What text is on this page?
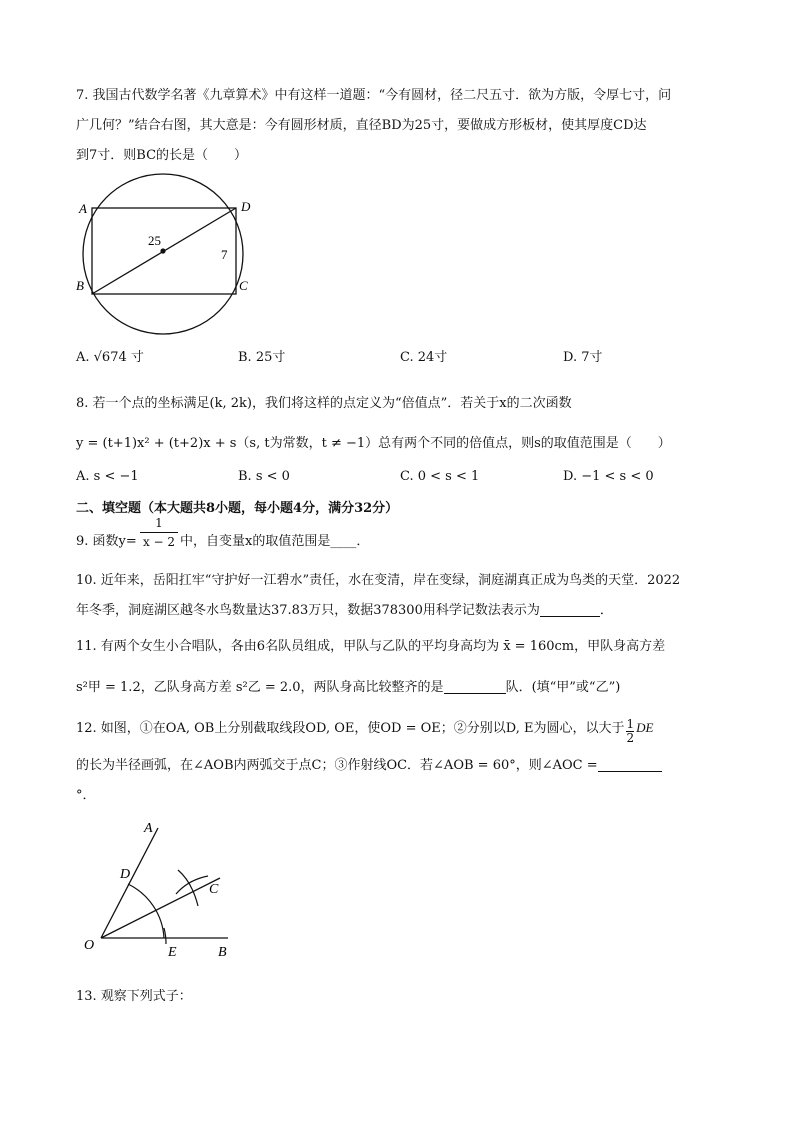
7. 我国古代数学名著《九章算术》中有这样一道题：“今有圆材，径二尺五寸．欲为方版，令厚七寸，问
广几何？”结合右图，其大意是：今有圆形材质，直径BD为25寸，要做成方形板材，使其厚度CD达
到7寸．则BC的长是（　　）
A
B	C
D
25
7
A. √674 寸	B. 25寸	C. 24寸	D. 7寸
8. 若一个点的坐标满足(k, 2k)，我们将这样的点定义为“倍值点”．若关于x的二次函数
y = (t+1)x² + (t+2)x + s（s, t为常数，t ≠ −1）总有两个不同的倍值点，则s的取值范围是（　　）
A. s < −1	B. s < 0	C. 0 < s < 1	D. −1 < s < 0
二、填空题（本大题共8小题，每小题4分，满分32分）
9. 函数y=
1
x − 2 中，自变量x的取值范围是____．
10. 近年来，岳阳扛牢“守护好一江碧水”责任，水在变清，岸在变绿，洞庭湖真正成为鸟类的天堂．2022
年冬季，洞庭湖区越冬水鸟数量达37.83万只，数据378300用科学记数法表示为	．
11. 有两个女生小合唱队，各由6名队员组成，甲队与乙队的平均身高均为 x̄ = 160cm，甲队身高方差
s²甲 = 1.2，乙队身高方差 s²乙 = 2.0，两队身高比较整齐的是	队．(填“甲”或“乙”)
12. 如图，①在OA, OB上分别截取线段OD, OE，使OD = OE；②分别以D, E为圆心，以大于 $\frac{1}{2}$ DE
的长为半径画弧，在∠AOB内两弧交于点C；③作射线OC．若∠AOB = 60°，则∠AOC =
°．
A
D
C
O	E	B
13. 观察下列式子：
